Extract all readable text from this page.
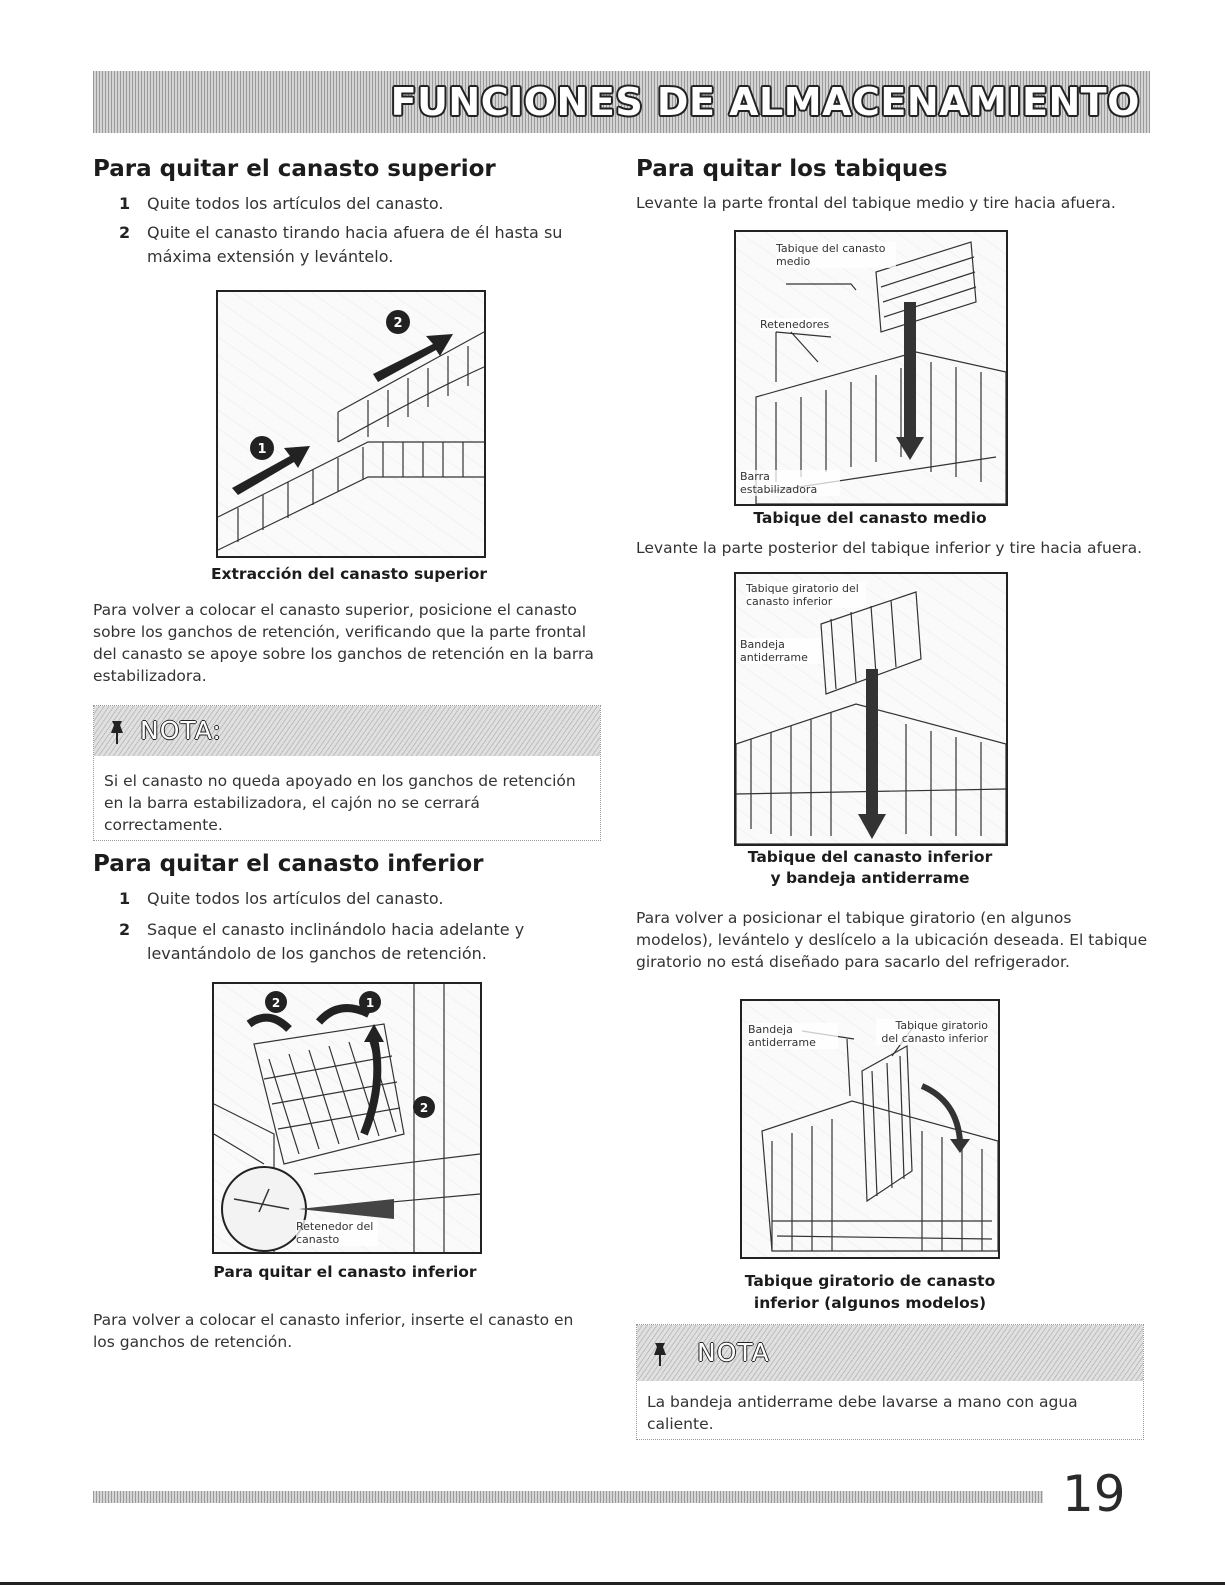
FUNCIONES DE ALMACENAMIENTO
Para quitar el canasto superior
1 Quite todos los artículos del canasto.
2 Quite el canasto tirando hacia afuera de él hasta su máxima extensión y levántelo.
2
1
Extracción del canasto superior

Para volver a colocar el canasto superior, posicione el canasto sobre los ganchos de retención, verificando que la parte frontal del canasto se apoye sobre los ganchos de retención en la barra estabilizadora.

NOTA:
Si el canasto no queda apoyado en los ganchos de retención en la barra estabilizadora, el cajón no se cerrará correctamente.
Para quitar el canasto inferior
1 Quite todos los artículos del canasto.
2 Saque el canasto inclinándolo hacia adelante y levantándolo de los ganchos de retención.
2	1
2
Retenedor del canasto
Para quitar el canasto inferior

Para volver a colocar el canasto inferior, inserte el canasto en los ganchos de retención.

Para quitar los tabiques

Levante la parte frontal del tabique medio y tire hacia afuera.

Tabique del canasto medio
Retenedores
Barra estabilizadora
Tabique del canasto medio

Levante la parte posterior del tabique inferior y tire hacia afuera.

Tabique giratorio del canasto inferior
Bandeja antiderrame
Tabique del canasto inferior
y bandeja antiderrame

Para volver a posicionar el tabique giratorio (en algunos modelos), levántelo y deslícelo a la ubicación deseada. El tabique giratorio no está diseñado para sacarlo del refrigerador.

Bandeja antiderrame
Tabique giratorio del canasto inferior
Tabique giratorio de canasto
inferior (algunos modelos)
NOTA
La bandeja antiderrame debe lavarse a mano con agua caliente.
19
